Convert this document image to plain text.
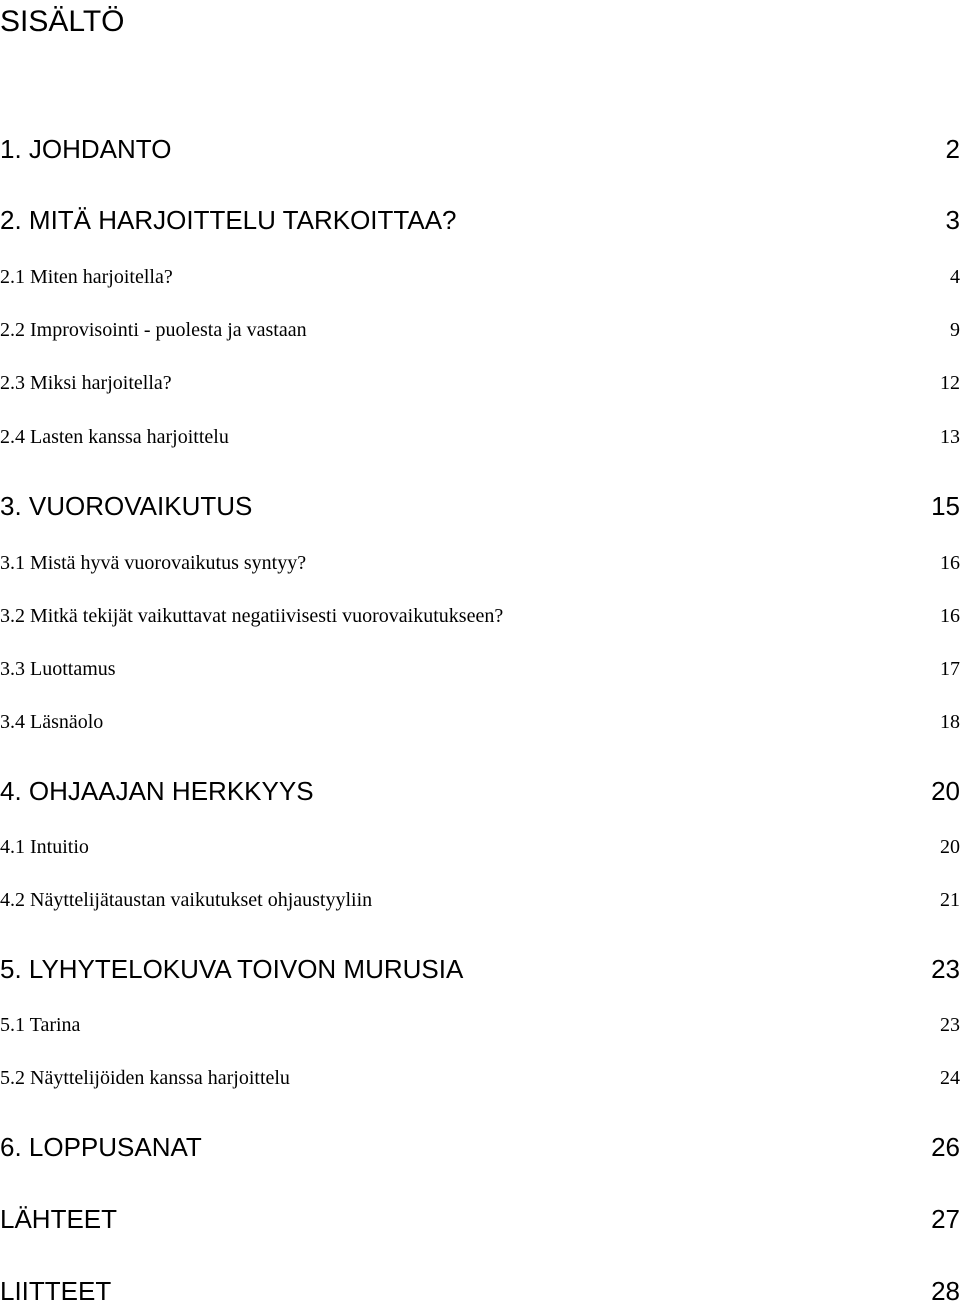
SISÄLTÖ
1. JOHDANTO	2
2. MITÄ HARJOITTELU TARKOITTAA?	3
2.1 Miten harjoitella?	4
2.2 Improvisointi - puolesta ja vastaan	9
2.3 Miksi harjoitella?	12
2.4 Lasten kanssa harjoittelu	13
3. VUOROVAIKUTUS	15
3.1 Mistä hyvä vuorovaikutus syntyy?	16
3.2 Mitkä tekijät vaikuttavat negatiivisesti vuorovaikutukseen?	16
3.3 Luottamus	17
3.4 Läsnäolo	18
4. OHJAAJAN HERKKYYS	20
4.1 Intuitio	20
4.2 Näyttelijätaustan vaikutukset ohjaustyyliin	21
5. LYHYTELOKUVA TOIVON MURUSIA	23
5.1 Tarina	23
5.2 Näyttelijöiden kanssa harjoittelu	24
6. LOPPUSANAT	26
LÄHTEET	27
LIITTEET	28
